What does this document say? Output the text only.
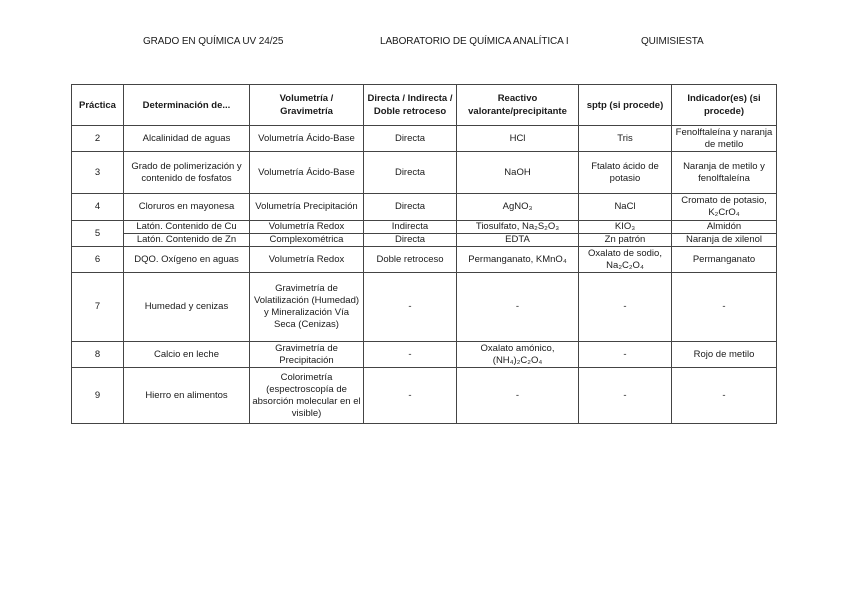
GRADO EN QUÍMICA UV 24/25	LABORATORIO DE QUÍMICA ANALÍTICA I	QUIMISIESTA
Práctica	Determinación de...	Volumetría / Gravimetría	Directa / Indirecta / Doble retroceso	Reactivo valorante/precipitante	sptp (si procede)	Indicador(es) (si procede)
2	Alcalinidad de aguas	Volumetría Ácido-Base	Directa	HCl	Tris	Fenolftaleína y naranja de metilo
3	Grado de polimerización y contenido de fosfatos	Volumetría Ácido-Base	Directa	NaOH	Ftalato ácido de potasio	Naranja de metilo y fenolftaleína
4	Cloruros en mayonesa	Volumetría Precipitación	Directa	AgNO₃	NaCl	Cromato de potasio, K₂CrO₄
5	Latón. Contenido de Cu	Volumetría Redox	Indirecta	Tiosulfato, Na₂S₂O₃	KIO₃	Almidón
	Latón. Contenido de Zn	Complexométrica	Directa	EDTA	Zn patrón	Naranja de xilenol
6	DQO. Oxígeno en aguas	Volumetría Redox	Doble retroceso	Permanganato, KMnO₄	Oxalato de sodio, Na₂C₂O₄	Permanganato
7	Humedad y cenizas	Gravimetría de Volatilización (Humedad) y Mineralización Vía Seca (Cenizas)	-	-	-	-
8	Calcio en leche	Gravimetría de Precipitación	-	Oxalato amónico, (NH₄)₂C₂O₄	-	Rojo de metilo
9	Hierro en alimentos	Colorimetría (espectroscopía de absorción molecular en el visible)	-	-	-	-
